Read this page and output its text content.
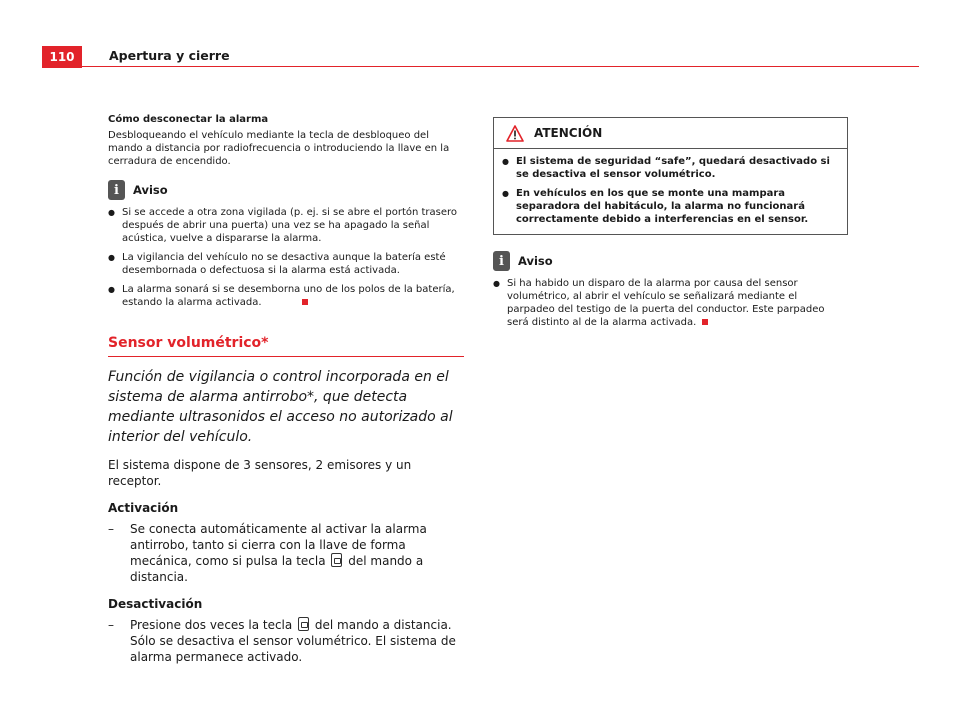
110	Apertura y cierre

Cómo desconectar la alarma

Desbloqueando el vehículo mediante la tecla de desbloqueo del mando a distancia por radiofrecuencia o introduciendo la llave en la cerradura de encendido.

i Aviso
● Si se accede a otra zona vigilada (p. ej. si se abre el portón trasero después de abrir una puerta) una vez se ha apagado la señal acústica, vuelve a dispararse la alarma.
● La vigilancia del vehículo no se desactiva aunque la batería esté desembornada o defectuosa si la alarma está activada.
● La alarma sonará si se desemborna uno de los polos de la batería, estando la alarma activada.
Sensor volumétrico*
Función de vigilancia o control incorporada en el sistema de alarma antirrobo*, que detecta mediante ultrasonidos el acceso no autorizado al interior del vehículo.
El sistema dispone de 3 sensores, 2 emisores y un receptor.
Activación
–	Se conecta automáticamente al activar la alarma antirrobo, tanto si cierra con la llave de forma mecánica, como si pulsa la tecla del mando a distancia.
Desactivación
–	Presione dos veces la tecla del mando a distancia. Sólo se desactiva el sensor volumétrico. El sistema de alarma permanece activado.
ATENCIÓN
● El sistema de seguridad “safe”, quedará desactivado si se desactiva el sensor volumétrico.
● En vehículos en los que se monte una mampara separadora del habitáculo, la alarma no funcionará correctamente debido a interferencias en el sensor.
i Aviso
● Si ha habido un disparo de la alarma por causa del sensor volumétrico, al abrir el vehículo se señalizará mediante el parpadeo del testigo de la puerta del conductor. Este parpadeo será distinto al de la alarma activada.
